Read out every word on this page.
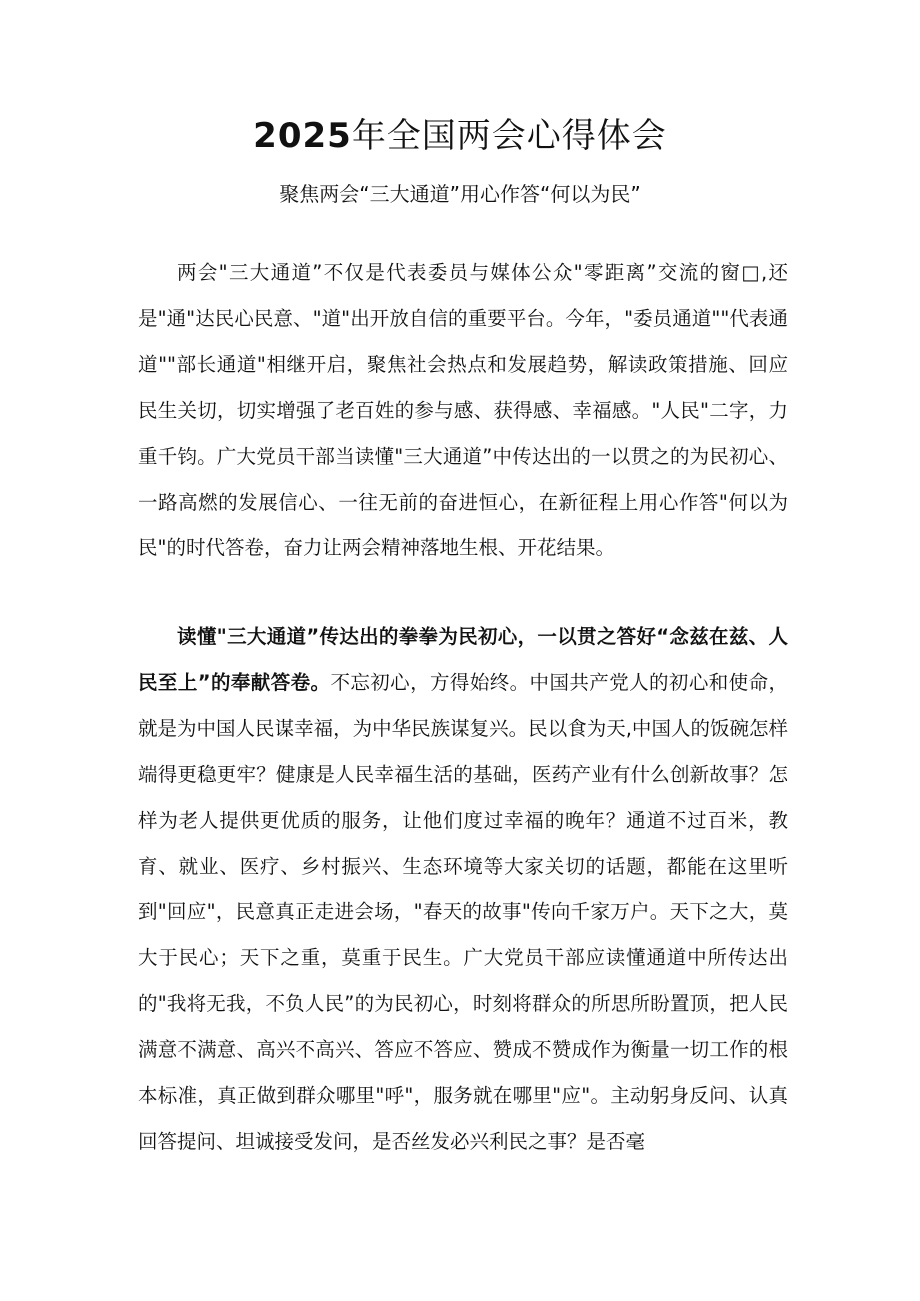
2025年全国两会心得体会

聚焦两会“三大通道”用心作答“何以为民”

两会"三大通道”不仅是代表委员与媒体公众"零距离”交流的窗□,还是"通"达民心民意、"道"出开放自信的重要平台。今年，"委员通道""代表通道""部长通道"相继开启，聚焦社会热点和发展趋势，解读政策措施、回应民生关切，切实增强了老百姓的参与感、获得感、幸福感。"人民"二字，力重千钧。广大党员干部当读懂"三大通道”中传达出的一以贯之的为民初心、一路高燃的发展信心、一往无前的奋进恒心，在新征程上用心作答"何以为民"的时代答卷，奋力让两会精神落地生根、开花结果。

读懂"三大通道”传达出的拳拳为民初心，一以贯之答好“念兹在兹、人民至上”的奉献答卷。不忘初心，方得始终。中国共产党人的初心和使命，就是为中国人民谋幸福，为中华民族谋复兴。民以食为天,中国人的饭碗怎样端得更稳更牢？健康是人民幸福生活的基础，医药产业有什么创新故事？怎样为老人提供更优质的服务，让他们度过幸福的晚年？通道不过百米，教育、就业、医疗、乡村振兴、生态环境等大家关切的话题，都能在这里听到"回应"，民意真正走进会场，"春天的故事"传向千家万户。天下之大，莫大于民心；天下之重，莫重于民生。广大党员干部应读懂通道中所传达出的"我将无我，不负人民”的为民初心，时刻将群众的所思所盼置顶，把人民满意不满意、高兴不高兴、答应不答应、赞成不赞成作为衡量一切工作的根本标准，真正做到群众哪里"呼"，服务就在哪里"应"。主动躬身反问、认真回答提问、坦诚接受发问，是否丝发必兴利民之事？是否毫
